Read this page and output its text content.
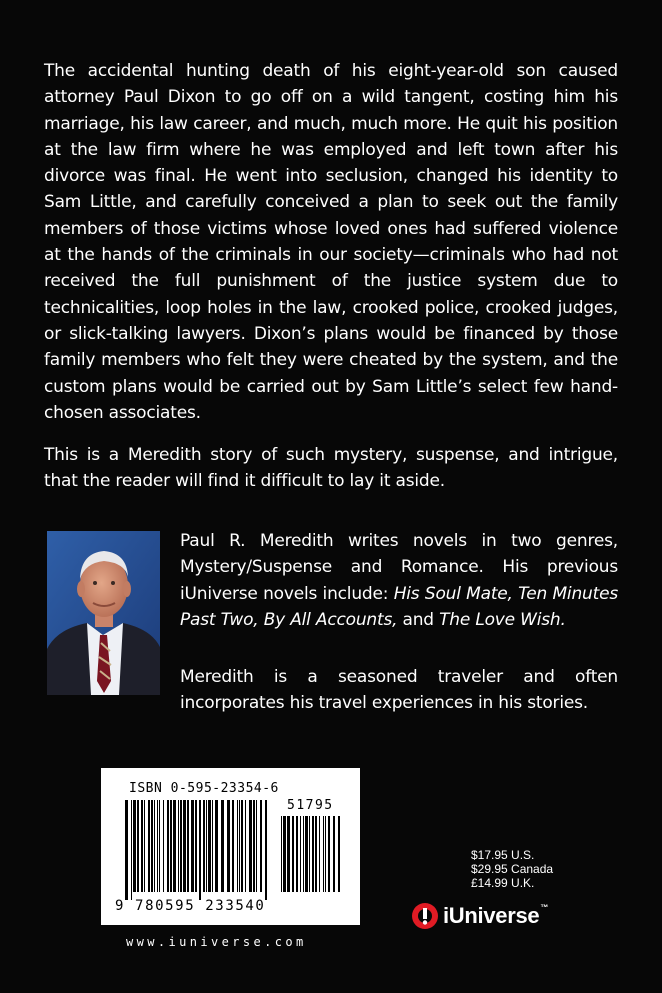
The accidental hunting death of his eight-year-old son caused attorney Paul Dixon to go off on a wild tangent, costing him his marriage, his law career, and much, much more. He quit his position at the law firm where he was employed and left town after his divorce was final. He went into seclusion, changed his identity to Sam Little, and carefully conceived a plan to seek out the family members of those victims whose loved ones had suffered violence at the hands of the criminals in our society—criminals who had not received the full punishment of the justice system due to technicalities, loop holes in the law, crooked police, crooked judges, or slick-talking lawyers. Dixon’s plans would be financed by those family members who felt they were cheated by the system, and the custom plans would be carried out by Sam Little’s select few hand-chosen associates.

This is a Meredith story of such mystery, suspense, and intrigue, that the reader will find it difficult to lay it aside.

Paul R. Meredith writes novels in two genres, Mystery/Suspense and Romance. His previous iUniverse novels include: His Soul Mate, Ten Minutes Past Two, By All Accounts, and The Love Wish.

Meredith is a seasoned traveler and often incorporates his travel experiences in his stories.

ISBN 0-595-23354-6
51795
9 780595 233540
www.iuniverse.com
$17.95 U.S.
$29.95 Canada
£14.99 U.K.
iUniverse™
